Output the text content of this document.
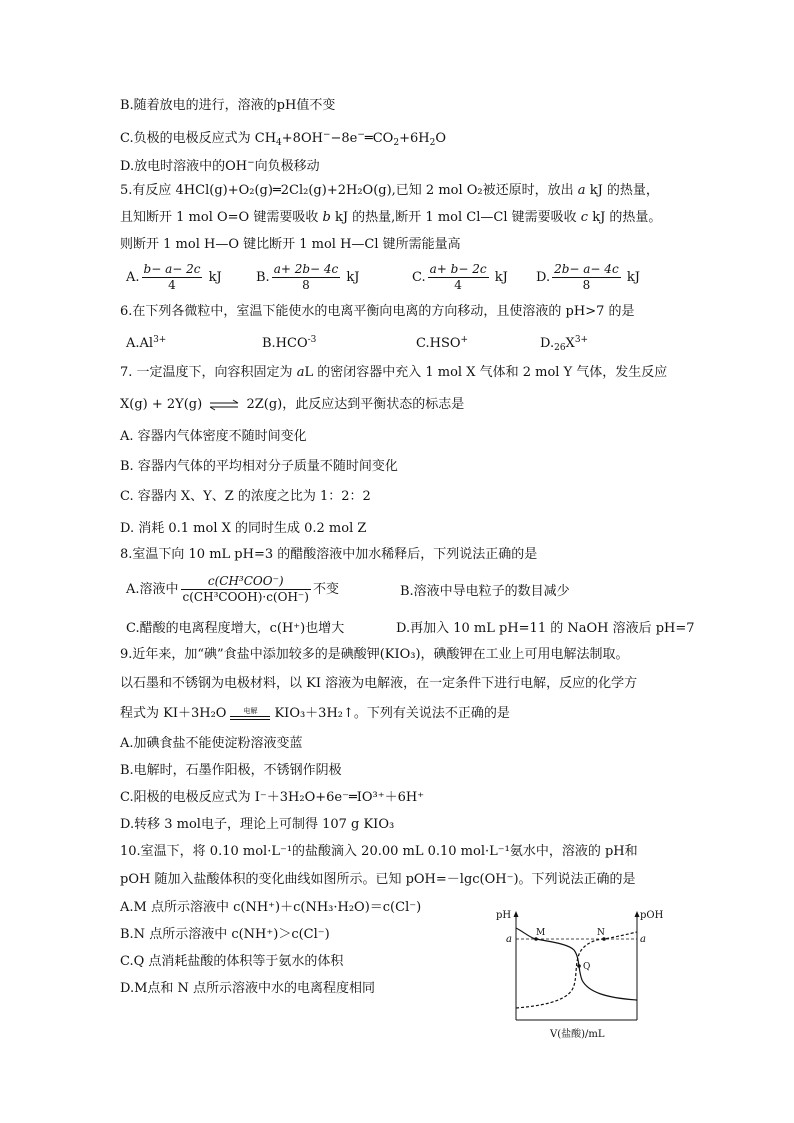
B.随着放电的进行，溶液的pH值不变
C.负极的电极反应式为 $CH_4+8OH^--8e^-═CO_2+6H_2O$
D.放电时溶液中的OH−向负极移动
5.有反应 4HCl(g)+O₂(g)═2Cl₂(g)+2H₂O(g),已知 2 mol O₂被还原时，放出 a kJ 的热量，
且知断开 1 mol O=O 键需要吸收 b kJ 的热量,断开 1 mol Cl—Cl 键需要吸收 c kJ 的热量。
则断开 1 mol H—O 键比断开 1 mol H—Cl 键所需能量高
A. $\frac{b- a- 2c}{4}$ kJ	B. $\frac{a+ 2b- 4c}{8}$ kJ	C. $\frac{a+ b- 2c}{4}$ kJ D. $\frac{2b- a- 4c}{8}$ kJ
6.在下列各微粒中，室温下能使水的电离平衡向电离的方向移动，且使溶液的 pH>7 的是
$A.Al^{3+}$	$B.HCO^{-3}$	C.HSO+	$D._{26}X^{3+}$
7. 一定温度下，向容积固定为 aL 的密闭容器中充入 1 mol X 气体和 2 mol Y 气体，发生反应
X(g) + 2Y(g) ⇌ 2Z(g)，此反应达到平衡状态的标志是
A. 容器内气体密度不随时间变化
B. 容器内气体的平均相对分子质量不随时间变化
C. 容器内 X、Y、Z 的浓度之比为 1：2：2
D. 消耗 0.1 mol X 的同时生成 0.2 mol Z
8.室温下向 10 mL pH=3 的醋酸溶液中加水稀释后，下列说法正确的是
A.溶液中 $\frac{\text{c(CH³COO⁻)}}{\text{c(CH³COOH)·c(OH⁻)}}$ 不变	B.溶液中导电粒子的数目减少
C.醋酸的电离程度增大，c(H⁺)也增大	D.再加入 10 mL pH=11 的 NaOH 溶液后 pH=7
9.近年来，加“碘”食盐中添加较多的是碘酸钾(KIO₃)，碘酸钾在工业上可用电解法制取。
以石墨和不锈钢为电极材料，以 KI 溶液为电解液，在一定条件下进行电解，反应的化学方
程式为 KI＋3H₂O	电解	KIO₃＋3H₂↑。下列有关说法不正确的是
A.加碘食盐不能使淀粉溶液变蓝
B.电解时，石墨作阳极，不锈钢作阴极
C.阳极的电极反应式为 I⁻＋3H₂O+6e⁻═IO³⁺＋6H⁺
D.转移 3 mol电子，理论上可制得 107 g KIO₃
10.室温下，将 0.10 mol·L⁻¹的盐酸滴入 20.00 mL 0.10 mol·L⁻¹氨水中，溶液的 pH和
pOH 随加入盐酸体积的变化曲线如图所示。已知 pOH=－lgc(OH⁻)。下列说法正确的是
A.M 点所示溶液中 c(NH⁺)＋c(NH₃·H₂O)＝c(Cl⁻)
B.N 点所示溶液中 c(NH⁺)＞c(Cl⁻)
C.Q 点消耗盐酸的体积等于氨水的体积
D.M点和 N 点所示溶液中水的电离程度相同
pH	pOH
a	a
M	N
Q
V(盐酸)/mL
